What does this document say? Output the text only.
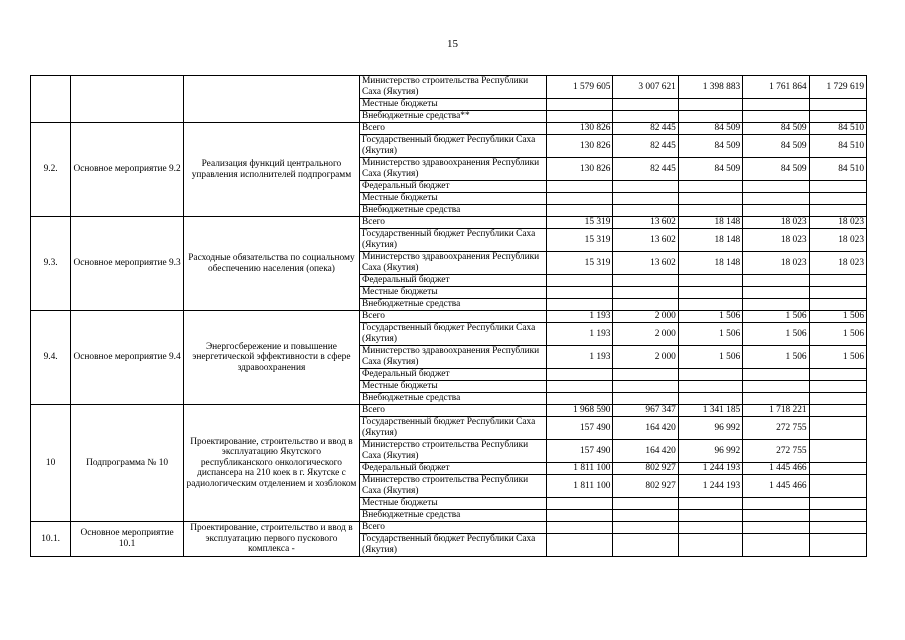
15
			Министерство строительства Республики Саха (Якутия)	1 579 605	3 007 621	1 398 883	1 761 864	1 729 619
			Местные бюджеты					
			Внебюджетные средства**					
9.2.	Основное мероприятие 9.2	Реализация функций центрального управления исполнителей подпрограмм	Всего	130 826	82 445	84 509	84 509	84 510
			Государственный бюджет Республики Саха (Якутия)	130 826	82 445	84 509	84 509	84 510
			Министерство здравоохранения Республики Саха (Якутия)	130 826	82 445	84 509	84 509	84 510
			Федеральный бюджет					
			Местные бюджеты					
			Внебюджетные средства					
9.3.	Основное мероприятие 9.3	Расходные обязательства по социальному обеспечению населения (опека)	Всего	15 319	13 602	18 148	18 023	18 023
			Государственный бюджет Республики Саха (Якутия)	15 319	13 602	18 148	18 023	18 023
			Министерство здравоохранения Республики Саха (Якутия)	15 319	13 602	18 148	18 023	18 023
			Федеральный бюджет					
			Местные бюджеты					
			Внебюджетные средства					
9.4.	Основное мероприятие 9.4	Энергосбережение и повышение энергетической эффективности в сфере здравоохранения	Всего	1 193	2 000	1 506	1 506	1 506
			Государственный бюджет Республики Саха (Якутия)	1 193	2 000	1 506	1 506	1 506
			Министерство здравоохранения Республики Саха (Якутия)	1 193	2 000	1 506	1 506	1 506
			Федеральный бюджет					
			Местные бюджеты					
			Внебюджетные средства					
10	Подпрограмма № 10	Проектирование, строительство и ввод в эксплуатацию Якутского республиканского онкологического диспансера на 210 коек в г. Якутске с радиологическим отделением и хозблоком	Всего	1 968 590	967 347	1 341 185	1 718 221	
			Государственный бюджет Республики Саха (Якутия)	157 490	164 420	96 992	272 755	
			Министерство строительства Республики Саха (Якутия)	157 490	164 420	96 992	272 755	
			Федеральный бюджет	1 811 100	802 927	1 244 193	1 445 466	
			Министерство строительства Республики Саха (Якутия)	1 811 100	802 927	1 244 193	1 445 466	
			Местные бюджеты					
			Внебюджетные средства					
10.1.	Основное мероприятие 10.1	Проектирование, строительство и ввод в эксплуатацию первого пускового комплекса -	Всего					
			Государственный бюджет Республики Саха (Якутия)					
